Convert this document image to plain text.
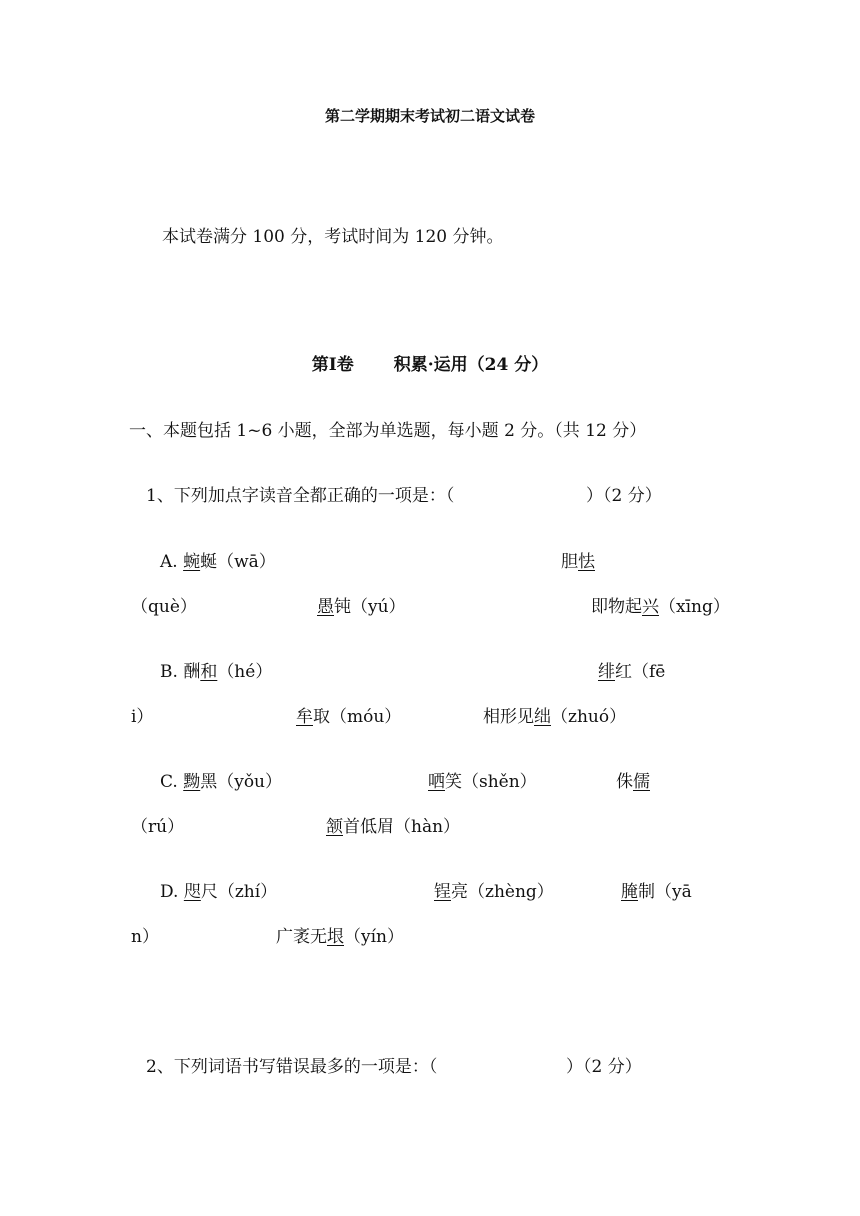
第二学期期末考试初二语文试卷
本试卷满分 100 分，考试时间为 120 分钟。
第Ⅰ卷 积累·运用（24 分）
一、本题包括 1~6 小题，全部为单选题，每小题 2 分。（共 12 分）
1、下列加点字读音全都正确的一项是：（	）（2 分）
A. 蜿蜒（wā）	胆怯
（què）	愚钝（yú）	即物起兴（xīng）
B. 酬和（hé）	绯红（fē
i）	牟取（móu）	相形见绌（zhuó）
C. 黝黑（yǒu）	哂笑（shěn）	侏儒
（rú）	颔首低眉（hàn）
D. 咫尺（zhí）	锃亮（zhèng）	腌制（yā
n）	广袤无垠（yín）
2、下列词语书写错误最多的一项是：（	）（2 分）
